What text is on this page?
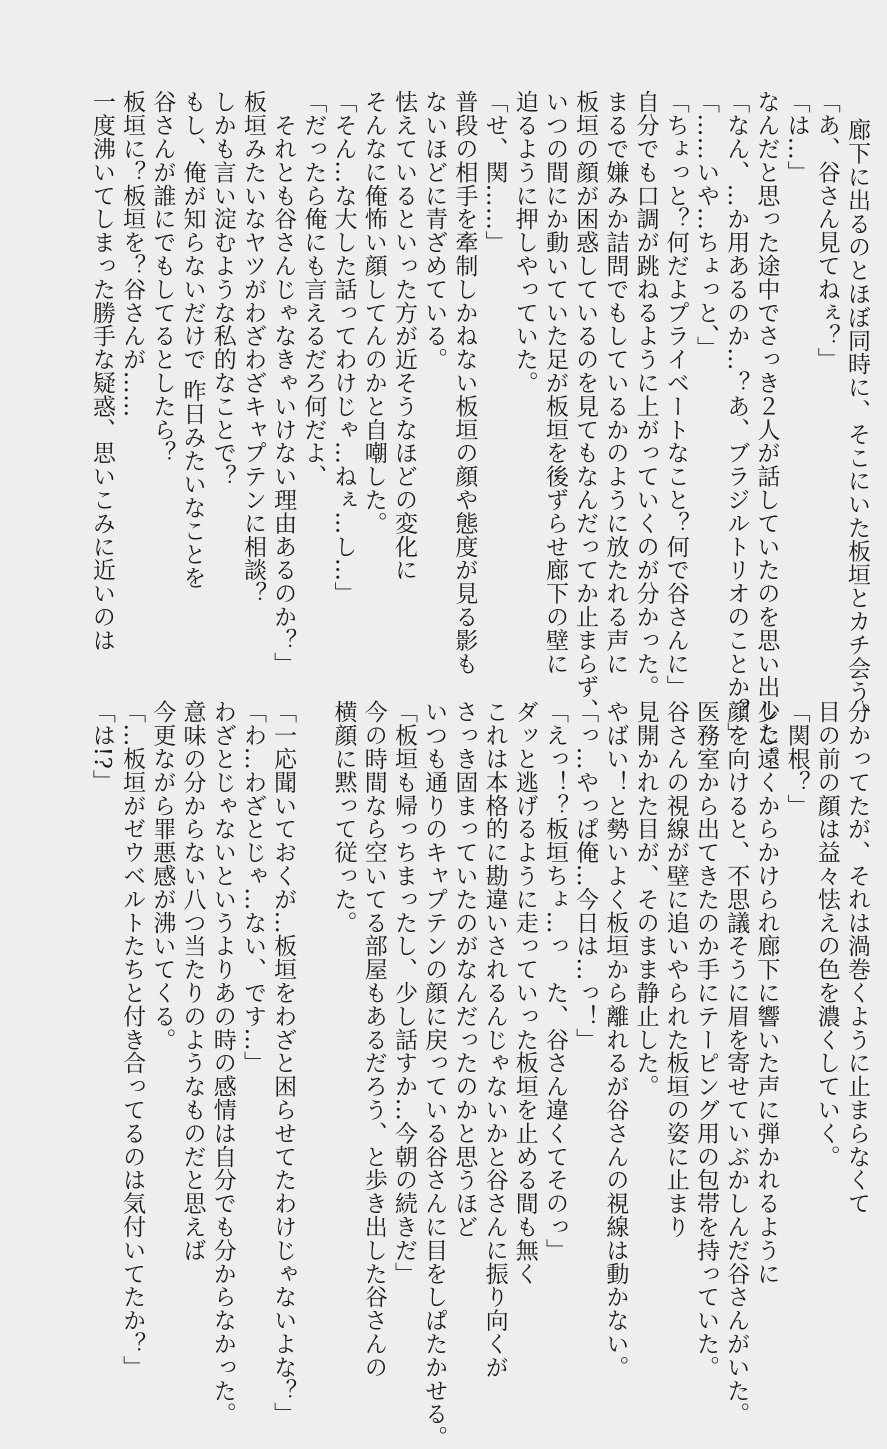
廊下に出るのとほぼ同時に、そこにいた板垣とカチ会う。
「あ、谷さん見てねぇ？」
「は…」
なんだと思った途中でさっき２人が話していたのを思い出した。
「なん、…か用あるのか…？あ、ブラジルトリオのことか？」
「……いや…ちょっと、」
「ちょっと？何だよプライベートなこと？何で谷さんに」
自分でも口調が跳ねるように上がっていくのが分かった。
まるで嫌みか詰問でもしているかのように放たれる声に
板垣の顔が困惑しているのを見てもなんだってか止まらず、
いつの間にか動いていた足が板垣を後ずらせ廊下の壁に
迫るように押しやっていた。
「せ、関……」
普段の相手を牽制しかねない板垣の顔や態度が見る影も
ないほどに青ざめている。
怯えているといった方が近そうなほどの変化に
そんなに俺怖い顔してんのかと自嘲した。
「そん…な大した話ってわけじゃ…ねぇ…し…」
「だったら俺にも言えるだろ何だよ、
　それとも谷さんじゃなきゃいけない理由あるのか？」
板垣みたいなヤツがわざわざキャプテンに相談？
しかも言い淀むような私的なことで？
もし、俺が知らないだけで 昨日みたいなことを
谷さんが誰にでもしてるとしたら？
板垣に？板垣を？谷さんが……
一度沸いてしまった勝手な疑惑、思いこみに近いのは
分かってたが、それは渦巻くように止まらなくて
目の前の顔は益々怯えの色を濃くしていく。
「関根？」
少し遠くからかけられ廊下に響いた声に弾かれるように
顔を向けると、不思議そうに眉を寄せていぶかしんだ谷さんがいた。
医務室から出てきたのか手にテーピング用の包帯を持っていた。
谷さんの視線が壁に追いやられた板垣の姿に止まり
見開かれた目が、そのまま静止した。
やばい！と勢いよく板垣から離れるが谷さんの視線は動かない。
「っ…やっぱ俺…今日は…っ！」
「えっ！？板垣ちょ…っ　た、谷さん違くてそのっ」
ダッと逃げるように走っていった板垣を止める間も無く
これは本格的に勘違いされるんじゃないかと谷さんに振り向くが
さっき固まっていたのがなんだったのかと思うほど
いつも通りのキャプテンの顔に戻っている谷さんに目をしぱたかせる。
「板垣も帰っちまったし、少し話すか…今朝の続きだ」
今の時間なら空いてる部屋もあるだろう、と歩き出した谷さんの
横顔に黙って従った。

「一応聞いておくが…板垣をわざと困らせてたわけじゃないよな？」
「わ…わざとじゃ…ない、です…」
わざとじゃないというよりあの時の感情は自分でも分からなかった。
意味の分からない八つ当たりのようなものだと思えば
今更ながら罪悪感が沸いてくる。
「…板垣がゼウベルトたちと付き合ってるのは気付いてたか？」
「は!?」
